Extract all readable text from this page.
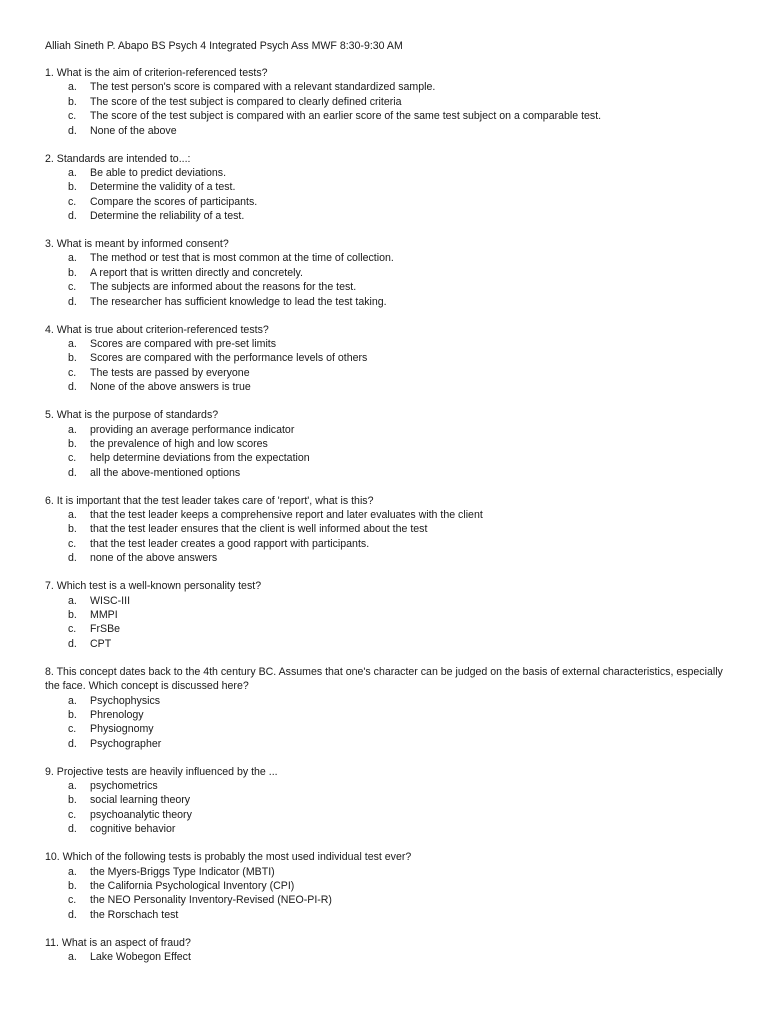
Alliah Sineth P. Abapo BS Psych 4 Integrated Psych Ass MWF 8:30-9:30 AM

1. What is the aim of criterion-referenced tests?

a.	The test person's score is compared with a relevant standardized sample.
b.	The score of the test subject is compared to clearly defined criteria
c.	The score of the test subject is compared with an earlier score of the same test subject on a comparable test.
d.	None of the above

2. Standards are intended to...:

a.	Be able to predict deviations.
b.	Determine the validity of a test.
c.	Compare the scores of participants.
d.	Determine the reliability of a test.

3. What is meant by informed consent?

a.	The method or test that is most common at the time of collection.
b.	A report that is written directly and concretely.
c.	The subjects are informed about the reasons for the test.
d.	The researcher has sufficient knowledge to lead the test taking.

4. What is true about criterion-referenced tests?

a.	Scores are compared with pre-set limits
b.	Scores are compared with the performance levels of others
c.	The tests are passed by everyone
d.	None of the above answers is true

5. What is the purpose of standards?

a.	providing an average performance indicator
b.	the prevalence of high and low scores
c.	help determine deviations from the expectation
d.	all the above-mentioned options

6. It is important that the test leader takes care of 'report', what is this?

a.	that the test leader keeps a comprehensive report and later evaluates with the client
b.	that the test leader ensures that the client is well informed about the test
c.	that the test leader creates a good rapport with participants.
d.	none of the above answers

7. Which test is a well-known personality test?

a.	WISC-III
b.	MMPI
c.	FrSBe
d.	CPT

8. This concept dates back to the 4th century BC. Assumes that one's character can be judged on the basis of external characteristics, especially the face. Which concept is discussed here?

a.	Psychophysics
b.	Phrenology
c.	Physiognomy
d.	Psychographer

9. Projective tests are heavily influenced by the ...

a.	psychometrics
b.	social learning theory
c.	psychoanalytic theory
d.	cognitive behavior

10. Which of the following tests is probably the most used individual test ever?

a.	the Myers-Briggs Type Indicator (MBTI)
b.	the California Psychological Inventory (CPI)
c.	the NEO Personality Inventory-Revised (NEO-PI-R)
d.	the Rorschach test

11. What is an aspect of fraud?

a.	Lake Wobegon Effect
